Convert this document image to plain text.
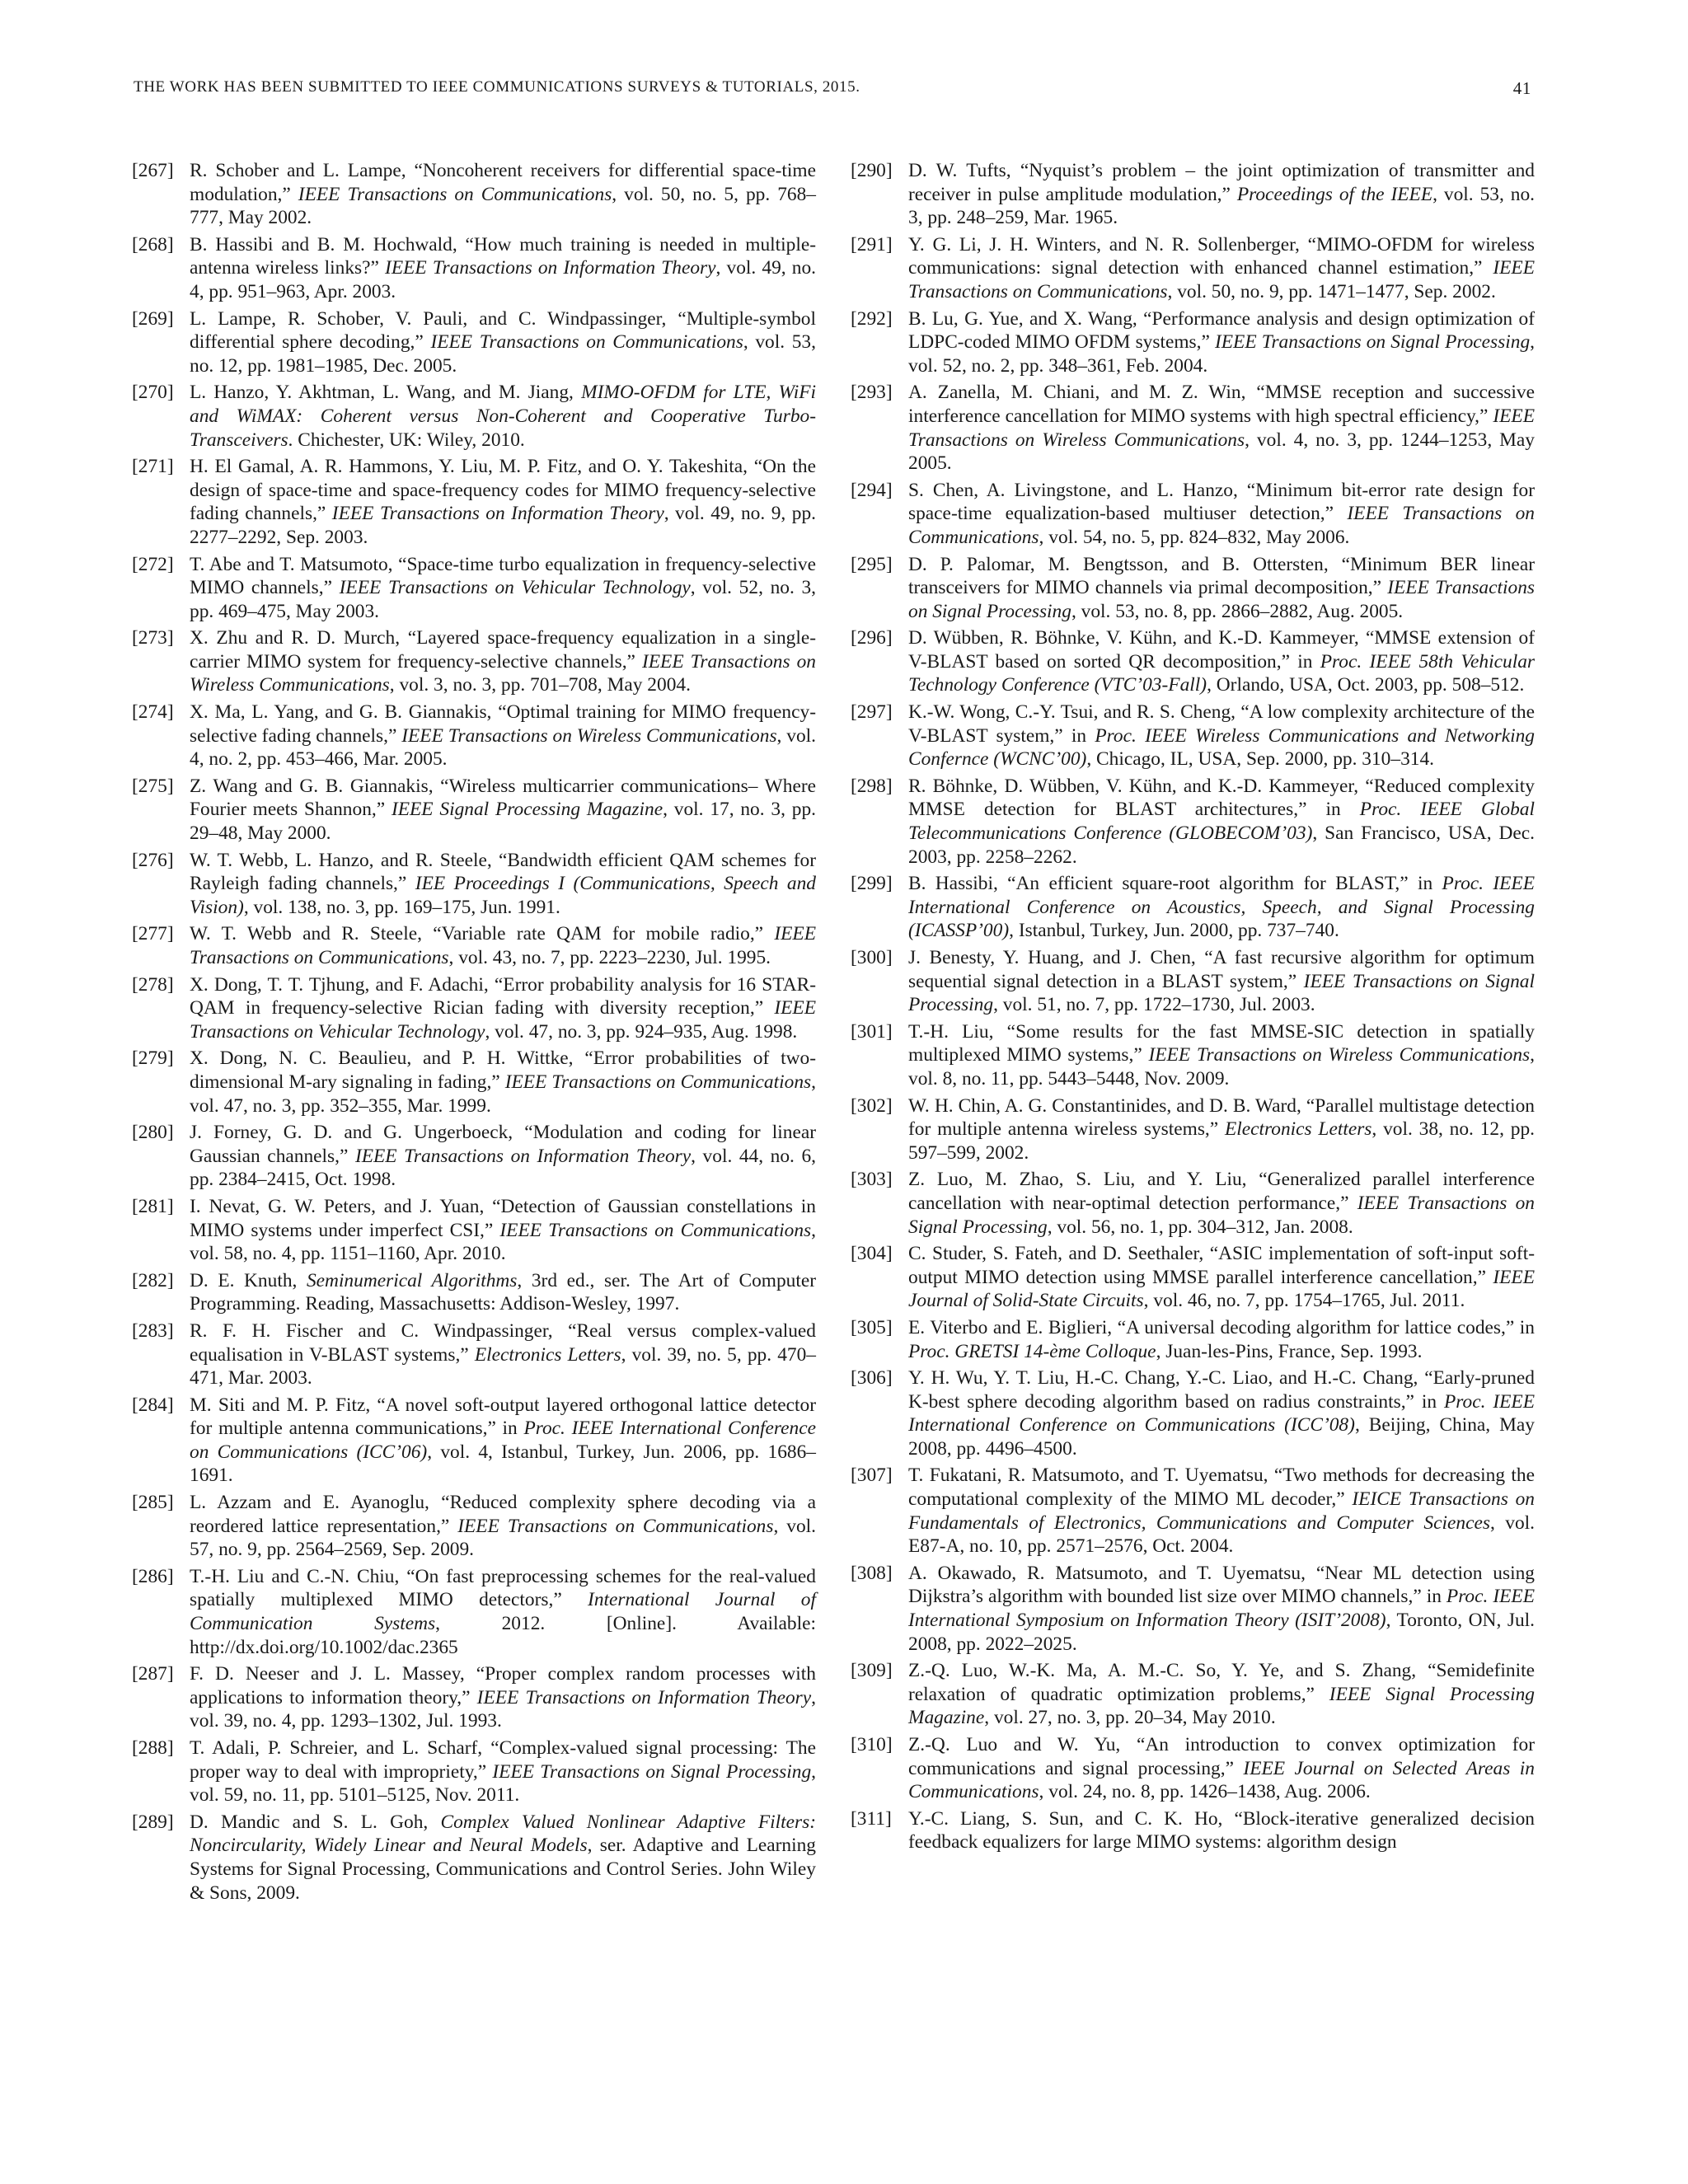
THE WORK HAS BEEN SUBMITTED TO IEEE COMMUNICATIONS SURVEYS & TUTORIALS, 2015.	41
[267] R. Schober and L. Lampe, “Noncoherent receivers for differential space-time modulation,” IEEE Transactions on Communications, vol. 50, no. 5, pp. 768–777, May 2002.
[268] B. Hassibi and B. M. Hochwald, “How much training is needed in multiple-antenna wireless links?” IEEE Transactions on Information Theory, vol. 49, no. 4, pp. 951–963, Apr. 2003.
[269] L. Lampe, R. Schober, V. Pauli, and C. Windpassinger, “Multiple-symbol differential sphere decoding,” IEEE Transactions on Communications, vol. 53, no. 12, pp. 1981–1985, Dec. 2005.
[270] L. Hanzo, Y. Akhtman, L. Wang, and M. Jiang, MIMO-OFDM for LTE, WiFi and WiMAX: Coherent versus Non-Coherent and Cooperative Turbo-Transceivers. Chichester, UK: Wiley, 2010.
[271] H. El Gamal, A. R. Hammons, Y. Liu, M. P. Fitz, and O. Y. Takeshita, “On the design of space-time and space-frequency codes for MIMO frequency-selective fading channels,” IEEE Transactions on Information Theory, vol. 49, no. 9, pp. 2277–2292, Sep. 2003.
[272] T. Abe and T. Matsumoto, “Space-time turbo equalization in frequency-selective MIMO channels,” IEEE Transactions on Vehicular Technology, vol. 52, no. 3, pp. 469–475, May 2003.
[273] X. Zhu and R. D. Murch, “Layered space-frequency equalization in a single-carrier MIMO system for frequency-selective channels,” IEEE Transactions on Wireless Communications, vol. 3, no. 3, pp. 701–708, May 2004.
[274] X. Ma, L. Yang, and G. B. Giannakis, “Optimal training for MIMO frequency-selective fading channels,” IEEE Transactions on Wireless Communications, vol. 4, no. 2, pp. 453–466, Mar. 2005.
[275] Z. Wang and G. B. Giannakis, “Wireless multicarrier communications– Where Fourier meets Shannon,” IEEE Signal Processing Magazine, vol. 17, no. 3, pp. 29–48, May 2000.
[276] W. T. Webb, L. Hanzo, and R. Steele, “Bandwidth efficient QAM schemes for Rayleigh fading channels,” IEE Proceedings I (Communications, Speech and Vision), vol. 138, no. 3, pp. 169–175, Jun. 1991.
[277] W. T. Webb and R. Steele, “Variable rate QAM for mobile radio,” IEEE Transactions on Communications, vol. 43, no. 7, pp. 2223–2230, Jul. 1995.
[278] X. Dong, T. T. Tjhung, and F. Adachi, “Error probability analysis for 16 STAR-QAM in frequency-selective Rician fading with diversity reception,” IEEE Transactions on Vehicular Technology, vol. 47, no. 3, pp. 924–935, Aug. 1998.
[279] X. Dong, N. C. Beaulieu, and P. H. Wittke, “Error probabilities of two-dimensional M-ary signaling in fading,” IEEE Transactions on Communications, vol. 47, no. 3, pp. 352–355, Mar. 1999.
[280] J. Forney, G. D. and G. Ungerboeck, “Modulation and coding for linear Gaussian channels,” IEEE Transactions on Information Theory, vol. 44, no. 6, pp. 2384–2415, Oct. 1998.
[281] I. Nevat, G. W. Peters, and J. Yuan, “Detection of Gaussian constellations in MIMO systems under imperfect CSI,” IEEE Transactions on Communications, vol. 58, no. 4, pp. 1151–1160, Apr. 2010.
[282] D. E. Knuth, Seminumerical Algorithms, 3rd ed., ser. The Art of Computer Programming. Reading, Massachusetts: Addison-Wesley, 1997.
[283] R. F. H. Fischer and C. Windpassinger, “Real versus complex-valued equalisation in V-BLAST systems,” Electronics Letters, vol. 39, no. 5, pp. 470–471, Mar. 2003.
[284] M. Siti and M. P. Fitz, “A novel soft-output layered orthogonal lattice detector for multiple antenna communications,” in Proc. IEEE International Conference on Communications (ICC’06), vol. 4, Istanbul, Turkey, Jun. 2006, pp. 1686–1691.
[285] L. Azzam and E. Ayanoglu, “Reduced complexity sphere decoding via a reordered lattice representation,” IEEE Transactions on Communications, vol. 57, no. 9, pp. 2564–2569, Sep. 2009.
[286] T.-H. Liu and C.-N. Chiu, “On fast preprocessing schemes for the real-valued spatially multiplexed MIMO detectors,” International Journal of Communication Systems, 2012. [Online]. Available: http://dx.doi.org/10.1002/dac.2365
[287] F. D. Neeser and J. L. Massey, “Proper complex random processes with applications to information theory,” IEEE Transactions on Information Theory, vol. 39, no. 4, pp. 1293–1302, Jul. 1993.
[288] T. Adali, P. Schreier, and L. Scharf, “Complex-valued signal processing: The proper way to deal with impropriety,” IEEE Transactions on Signal Processing, vol. 59, no. 11, pp. 5101–5125, Nov. 2011.
[289] D. Mandic and S. L. Goh, Complex Valued Nonlinear Adaptive Filters: Noncircularity, Widely Linear and Neural Models, ser. Adaptive and Learning Systems for Signal Processing, Communications and Control Series. John Wiley & Sons, 2009.
[290] D. W. Tufts, “Nyquist’s problem – the joint optimization of transmitter and receiver in pulse amplitude modulation,” Proceedings of the IEEE, vol. 53, no. 3, pp. 248–259, Mar. 1965.
[291] Y. G. Li, J. H. Winters, and N. R. Sollenberger, “MIMO-OFDM for wireless communications: signal detection with enhanced channel estimation,” IEEE Transactions on Communications, vol. 50, no. 9, pp. 1471–1477, Sep. 2002.
[292] B. Lu, G. Yue, and X. Wang, “Performance analysis and design optimization of LDPC-coded MIMO OFDM systems,” IEEE Transactions on Signal Processing, vol. 52, no. 2, pp. 348–361, Feb. 2004.
[293] A. Zanella, M. Chiani, and M. Z. Win, “MMSE reception and successive interference cancellation for MIMO systems with high spectral efficiency,” IEEE Transactions on Wireless Communications, vol. 4, no. 3, pp. 1244–1253, May 2005.
[294] S. Chen, A. Livingstone, and L. Hanzo, “Minimum bit-error rate design for space-time equalization-based multiuser detection,” IEEE Transactions on Communications, vol. 54, no. 5, pp. 824–832, May 2006.
[295] D. P. Palomar, M. Bengtsson, and B. Ottersten, “Minimum BER linear transceivers for MIMO channels via primal decomposition,” IEEE Transactions on Signal Processing, vol. 53, no. 8, pp. 2866–2882, Aug. 2005.
[296] D. Wübben, R. Böhnke, V. Kühn, and K.-D. Kammeyer, “MMSE extension of V-BLAST based on sorted QR decomposition,” in Proc. IEEE 58th Vehicular Technology Conference (VTC’03-Fall), Orlando, USA, Oct. 2003, pp. 508–512.
[297] K.-W. Wong, C.-Y. Tsui, and R. S. Cheng, “A low complexity architecture of the V-BLAST system,” in Proc. IEEE Wireless Communications and Networking Confernce (WCNC’00), Chicago, IL, USA, Sep. 2000, pp. 310–314.
[298] R. Böhnke, D. Wübben, V. Kühn, and K.-D. Kammeyer, “Reduced complexity MMSE detection for BLAST architectures,” in Proc. IEEE Global Telecommunications Conference (GLOBECOM’03), San Francisco, USA, Dec. 2003, pp. 2258–2262.
[299] B. Hassibi, “An efficient square-root algorithm for BLAST,” in Proc. IEEE International Conference on Acoustics, Speech, and Signal Processing (ICASSP’00), Istanbul, Turkey, Jun. 2000, pp. 737–740.
[300] J. Benesty, Y. Huang, and J. Chen, “A fast recursive algorithm for optimum sequential signal detection in a BLAST system,” IEEE Transactions on Signal Processing, vol. 51, no. 7, pp. 1722–1730, Jul. 2003.
[301] T.-H. Liu, “Some results for the fast MMSE-SIC detection in spatially multiplexed MIMO systems,” IEEE Transactions on Wireless Communications, vol. 8, no. 11, pp. 5443–5448, Nov. 2009.
[302] W. H. Chin, A. G. Constantinides, and D. B. Ward, “Parallel multistage detection for multiple antenna wireless systems,” Electronics Letters, vol. 38, no. 12, pp. 597–599, 2002.
[303] Z. Luo, M. Zhao, S. Liu, and Y. Liu, “Generalized parallel interference cancellation with near-optimal detection performance,” IEEE Transactions on Signal Processing, vol. 56, no. 1, pp. 304–312, Jan. 2008.
[304] C. Studer, S. Fateh, and D. Seethaler, “ASIC implementation of soft-input soft-output MIMO detection using MMSE parallel interference cancellation,” IEEE Journal of Solid-State Circuits, vol. 46, no. 7, pp. 1754–1765, Jul. 2011.
[305] E. Viterbo and E. Biglieri, “A universal decoding algorithm for lattice codes,” in Proc. GRETSI 14-ème Colloque, Juan-les-Pins, France, Sep. 1993.
[306] Y. H. Wu, Y. T. Liu, H.-C. Chang, Y.-C. Liao, and H.-C. Chang, “Early-pruned K-best sphere decoding algorithm based on radius constraints,” in Proc. IEEE International Conference on Communications (ICC’08), Beijing, China, May 2008, pp. 4496–4500.
[307] T. Fukatani, R. Matsumoto, and T. Uyematsu, “Two methods for decreasing the computational complexity of the MIMO ML decoder,” IEICE Transactions on Fundamentals of Electronics, Communications and Computer Sciences, vol. E87-A, no. 10, pp. 2571–2576, Oct. 2004.
[308] A. Okawado, R. Matsumoto, and T. Uyematsu, “Near ML detection using Dijkstra’s algorithm with bounded list size over MIMO channels,” in Proc. IEEE International Symposium on Information Theory (ISIT’2008), Toronto, ON, Jul. 2008, pp. 2022–2025.
[309] Z.-Q. Luo, W.-K. Ma, A. M.-C. So, Y. Ye, and S. Zhang, “Semidefinite relaxation of quadratic optimization problems,” IEEE Signal Processing Magazine, vol. 27, no. 3, pp. 20–34, May 2010.
[310] Z.-Q. Luo and W. Yu, “An introduction to convex optimization for communications and signal processing,” IEEE Journal on Selected Areas in Communications, vol. 24, no. 8, pp. 1426–1438, Aug. 2006.
[311] Y.-C. Liang, S. Sun, and C. K. Ho, “Block-iterative generalized decision feedback equalizers for large MIMO systems: algorithm design
